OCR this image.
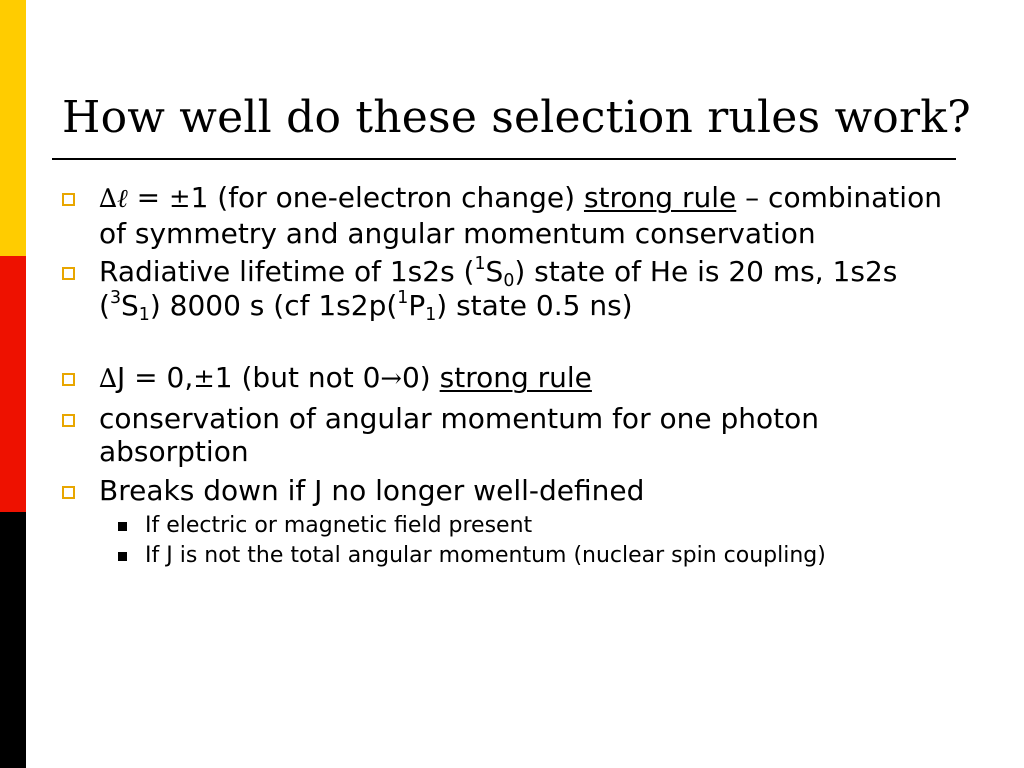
How well do these selection rules work?
∆ℓ = ±1 (for one-electron change) strong rule – combination of symmetry and angular momentum conservation
Radiative lifetime of 1s2s $(^1S_0)$ state of He is 20 ms, 1s2s $(^3S_1)$ 8000 s (cf $1s2p(^1P_1)$ state 0.5 ns)
∆J = 0,±1 (but not 0→0) strong rule
conservation of angular momentum for one photon absorption
Breaks down if J no longer well-defined
If electric or magnetic field present
If J is not the total angular momentum (nuclear spin coupling)
